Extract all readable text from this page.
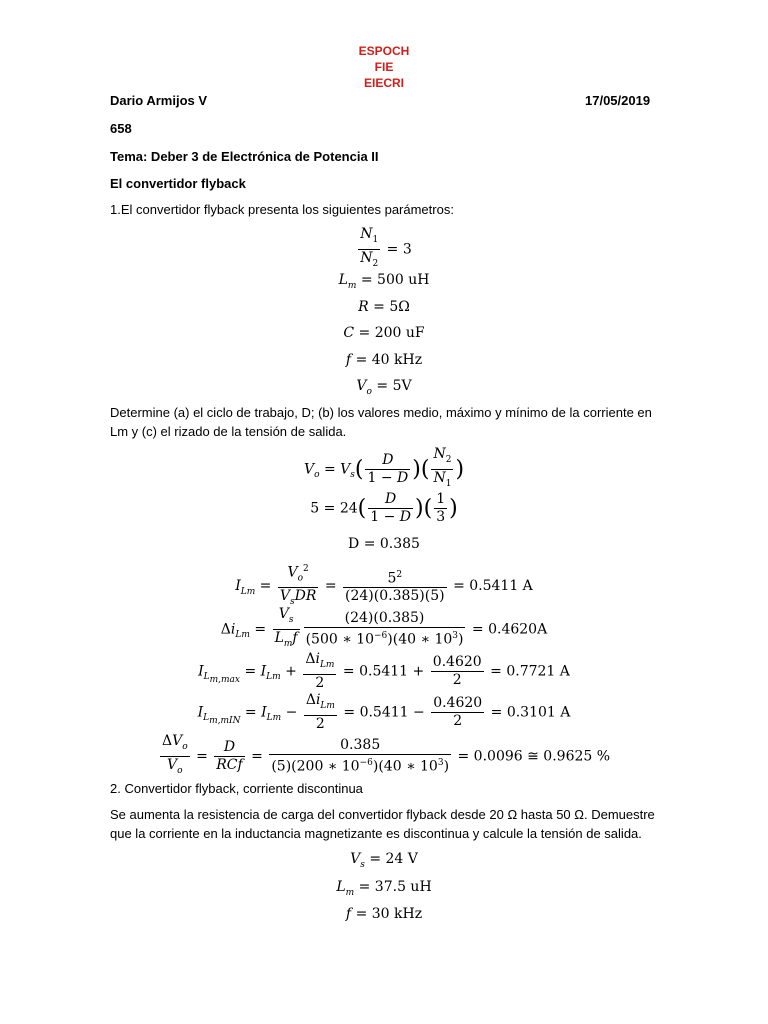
ESPOCH
FIE
EIECRI
Dario Armijos V	17/05/2019
658
Tema: Deber 3 de Electrónica de Potencia II
El convertidor flyback
1.El convertidor flyback presenta los siguientes parámetros:
$\frac{N_1}{N_2} = 3$
$L_m = 500$ uH
R = 5Ω
C = 200 uF
f = 40 kHz
$V_o = 5V$
Determine (a) el ciclo de trabajo, D; (b) los valores medio, máximo y mínimo de la corriente en
Lm y (c) el rizado de la tensión de salida.
$V_o = V_s( \frac{D}{1 - D}$ )( $\frac{N_2}{N_1}$ )
$5 = 24( \frac{D}{1 - D}$ )( $\frac{1}{3}$ )
D = 0.385
$I_{Lm} = \frac{V_o^2}{V_sDR} = \frac{5^2}{(24)(0.385)(5)} = 0.5411$ A
$\Delta i_{Lm} = \frac{V_s}{L_mf} \frac{(24)(0.385)}{(500 ∗ 10^{-6})(40 ∗ 10^3)} = 0.4620A$
$I_{L_{m,max}} = I_{Lm} + \frac{\Delta i_{Lm}}{2} = 0.5411 + \frac{0.4620}{2} = 0.7721$ A
$I_{L_{m,mIN}} = I_{Lm} - \frac{\Delta i_{Lm}}{2} = 0.5411 - \frac{0.4620}{2} = 0.3101$ A
$\frac{\Delta V_o}{V_o} = \frac{D}{\text{RCf}} = \frac{0.385}{(5)(200 ∗ 10^{-6})(40 ∗ 10^3)} = 0.0096$ ≅ 0.9625 %
2. Convertidor flyback, corriente discontinua
Se aumenta la resistencia de carga del convertidor flyback desde 20 Ω hasta 50 Ω. Demuestre
que la corriente en la inductancia magnetizante es discontinua y calcule la tensión de salida.
$V_s = 24$ V
$L_m = 37.5$ uH
f = 30 kHz
